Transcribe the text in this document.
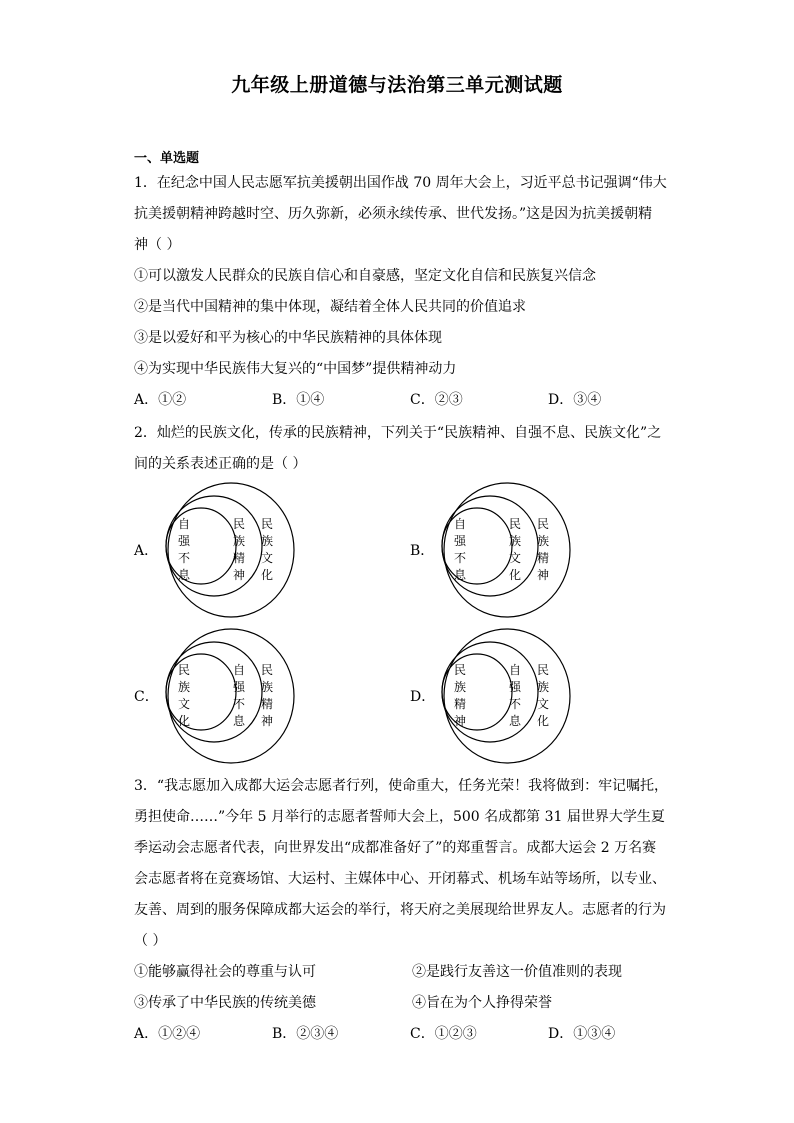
九年级上册道德与法治第三单元测试题
一、单选题
1．在纪念中国人民志愿军抗美援朝出国作战 70 周年大会上，习近平总书记强调“伟大
抗美援朝精神跨越时空、历久弥新，必须永续传承、世代发扬。”这是因为抗美援朝精
神（ ）
①可以激发人民群众的民族自信心和自豪感，坚定文化自信和民族复兴信念
②是当代中国精神的集中体现，凝结着全体人民共同的价值追求
③是以爱好和平为核心的中华民族精神的具体体现
④为实现中华民族伟大复兴的“中国梦”提供精神动力
A．①②	B．①④	C．②③	D．③④
2．灿烂的民族文化，传承的民族精神，下列关于“民族精神、自强不息、民族文化”之
间的关系表述正确的是（ ）
A．
自
强
不
息
民
族
精
神
民
族
文
化
B．
自
强
不
息
民
族
文
化
民
族
精
神
C．
民
族
文
化
自
强
不
息
民
族
精
神
D．
民
族
精
神
自
强
不
息
民
族
文
化
3．“我志愿加入成都大运会志愿者行列，使命重大，任务光荣！我将做到：牢记嘱托，
勇担使命……”今年 5 月举行的志愿者誓师大会上，500 名成都第 31 届世界大学生夏
季运动会志愿者代表，向世界发出“成都准备好了”的郑重誓言。成都大运会 2 万名赛
会志愿者将在竞赛场馆、大运村、主媒体中心、开闭幕式、机场车站等场所，以专业、
友善、周到的服务保障成都大运会的举行，将天府之美展现给世界友人。志愿者的行为
（ ）
①能够赢得社会的尊重与认可	②是践行友善这一价值准则的表现
③传承了中华民族的传统美德	④旨在为个人挣得荣誉
A．①②④	B．②③④	C．①②③	D．①③④
